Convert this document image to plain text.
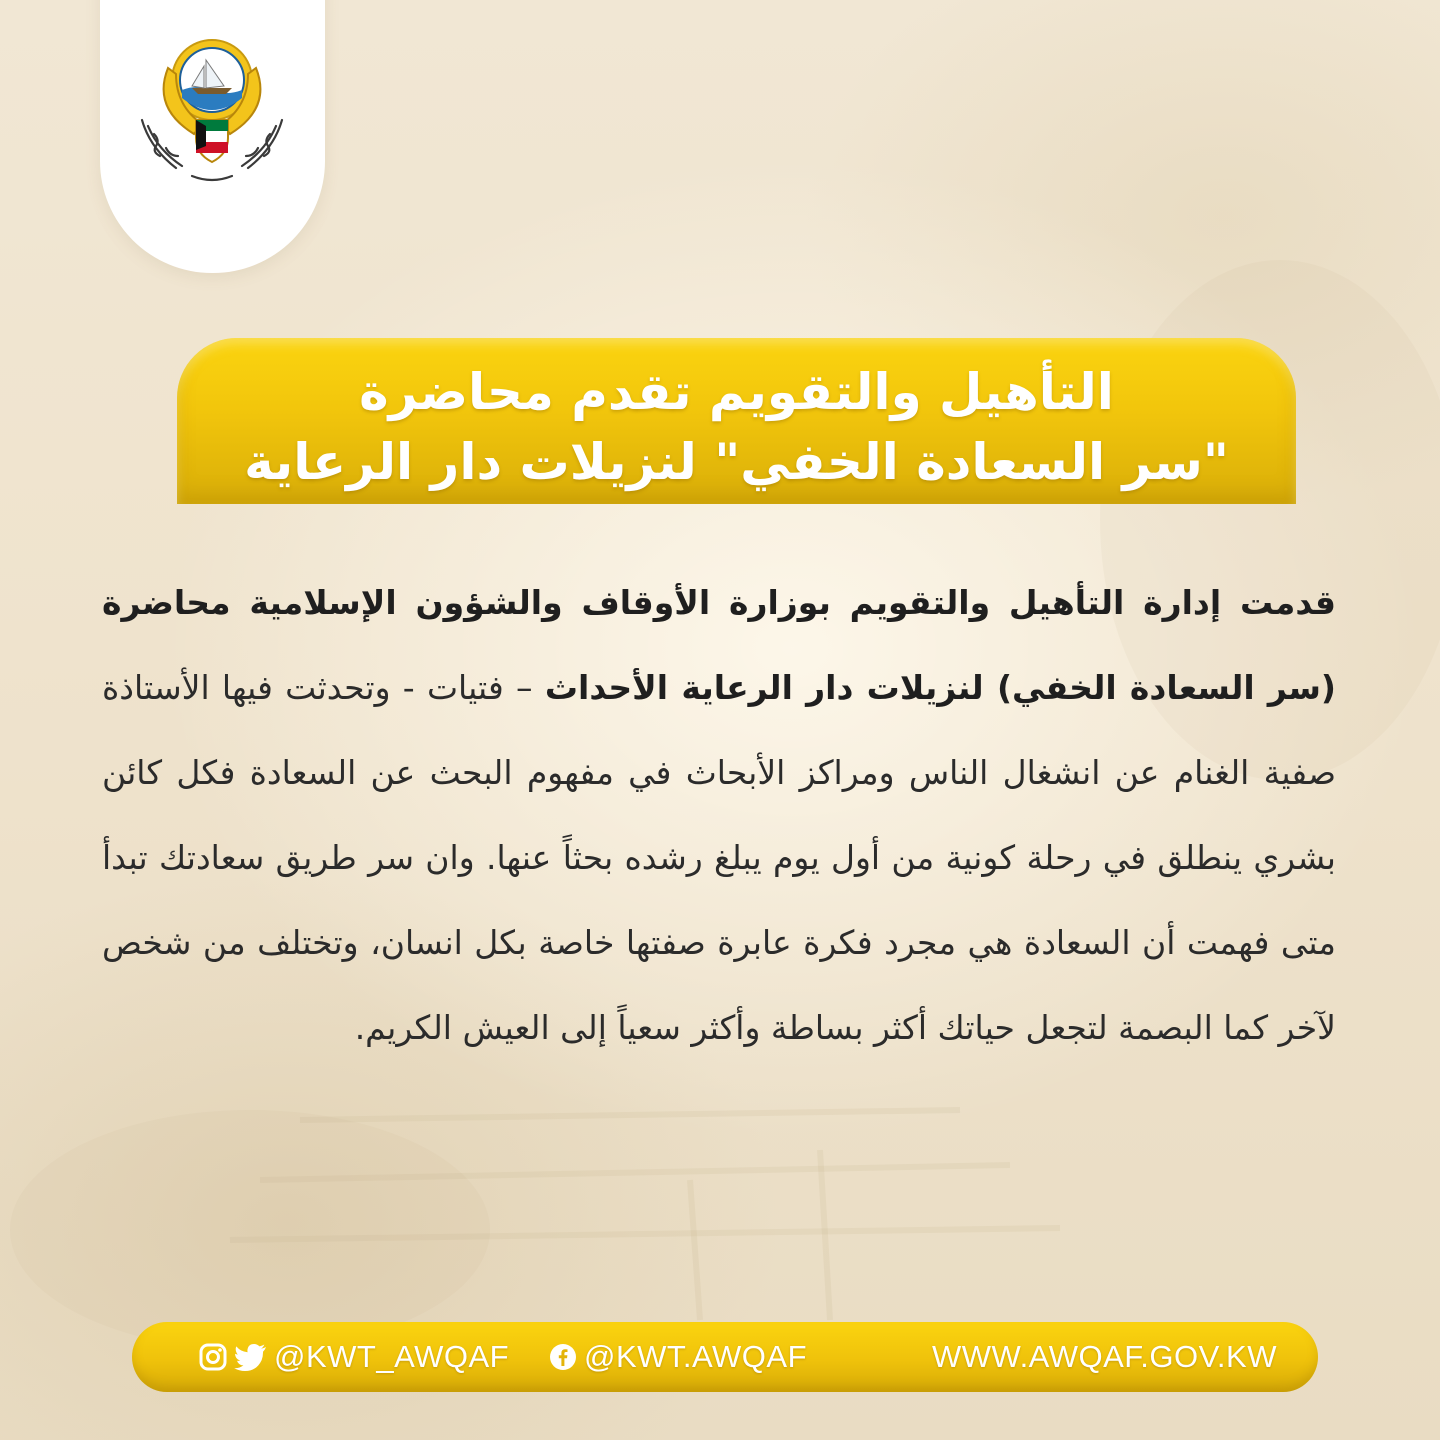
التأهيل والتقويم تقدم محاضرة
"سر السعادة الخفي" لنزيلات دار الرعاية

قدمت إدارة التأهيل والتقويم بوزارة الأوقاف والشؤون الإسلامية محاضرة (سر السعادة الخفي) لنزيلات دار الرعاية الأحداث – فتيات - وتحدثت فيها الأستاذة صفية الغنام عن انشغال الناس ومراكز الأبحاث في مفهوم البحث عن السعادة فكل كائن بشري ينطلق في رحلة كونية من أول يوم يبلغ رشده بحثاً عنها. وان سر طريق سعادتك تبدأ متى فهمت أن السعادة هي مجرد فكرة عابرة صفتها خاصة بكل انسان، وتختلف من شخص لآخر كما البصمة لتجعل حياتك أكثر بساطة وأكثر سعياً إلى العيش الكريم.

@KWT_AWQAF @KWT.AWQAF	WWW.AWQAF.GOV.KW
